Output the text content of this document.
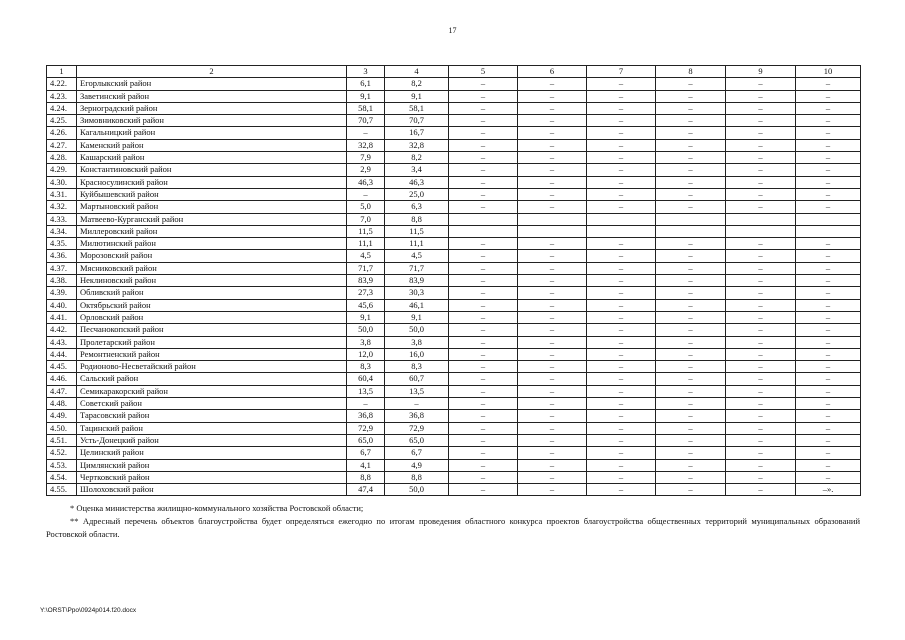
17
1	2	3	4	5	6	7	8	9	10
4.22.	Егорлыкский район	6,1	8,2	–	–	–	–	–	–
4.23.	Заветинский район	9,1	9,1	–	–	–	–	–	–
4.24.	Зерноградский район	58,1	58,1	–	–	–	–	–	–
4.25.	Зимовниковский район	70,7	70,7	–	–	–	–	–	–
4.26.	Кагальницкий район	–	16,7	–	–	–	–	–	–
4.27.	Каменский район	32,8	32,8	–	–	–	–	–	–
4.28.	Кашарский район	7,9	8,2	–	–	–	–	–	–
4.29.	Константиновский район	2,9	3,4	–	–	–	–	–	–
4.30.	Красносулинский район	46,3	46,3	–	–	–	–	–	–
4.31.	Куйбышевский район	–	25,0	–	–	–	–	–	–
4.32.	Мартыновский район	5,0	6,3	–	–	–	–	–	–
4.33.	Матвеево-Курганский район	7,0	8,8						
4.34.	Миллеровский район	11,5	11,5						
4.35.	Милютинский район	11,1	11,1	–	–	–	–	–	–
4.36.	Морозовский район	4,5	4,5	–	–	–	–	–	–
4.37.	Мясниковский район	71,7	71,7	–	–	–	–	–	–
4.38.	Неклиновский район	83,9	83,9	–	–	–	–	–	–
4.39.	Обливский район	27,3	30,3	–	–	–	–	–	–
4.40.	Октябрьский район	45,6	46,1	–	–	–	–	–	–
4.41.	Орловский район	9,1	9,1	–	–	–	–	–	–
4.42.	Песчанокопский район	50,0	50,0	–	–	–	–	–	–
4.43.	Пролетарский район	3,8	3,8	–	–	–	–	–	–
4.44.	Ремонтненский район	12,0	16,0	–	–	–	–	–	–
4.45.	Родионово-Несветайский район	8,3	8,3	–	–	–	–	–	–
4.46.	Сальский район	60,4	60,7	–	–	–	–	–	–
4.47.	Семикаракорский район	13,5	13,5	–	–	–	–	–	–
4.48.	Советский район	–	–	–	–	–	–	–	–
4.49.	Тарасовский район	36,8	36,8	–	–	–	–	–	–
4.50.	Тацинский район	72,9	72,9	–	–	–	–	–	–
4.51.	Усть-Донецкий район	65,0	65,0	–	–	–	–	–	–
4.52.	Целинский район	6,7	6,7	–	–	–	–	–	–
4.53.	Цимлянский район	4,1	4,9	–	–	–	–	–	–
4.54.	Чертковский район	8,8	8,8	–	–	–	–	–	–
4.55.	Шолоховский район	47,4	50,0	–	–	–	–	–	–».

* Оценка министерства жилищно-коммунального хозяйства Ростовской области;

** Адресный перечень объектов благоустройства будет определяться ежегодно по итогам проведения областного конкурса проектов благоустройства общественных территорий муниципальных образований Ростовской области.

Y:\ORST\Ppo\0924p014.f20.docx
